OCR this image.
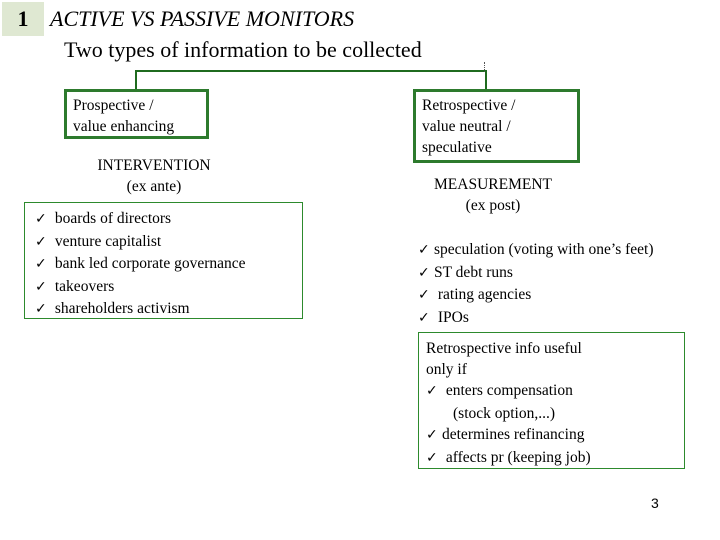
1 ACTIVE VS PASSIVE MONITORS
Two types of information to be collected
Prospective /
value enhancing
INTERVENTION
(ex ante)
✓ boards of directors
✓ venture capitalist
✓ bank led corporate governance
✓ takeovers
✓ shareholders activism
Retrospective /
value neutral /
speculative
MEASUREMENT
(ex post)
✓ speculation (voting with one’s feet)
✓ ST debt runs
✓ rating agencies
✓ IPOs
Retrospective info useful
only if
✓ enters compensation
(stock option,...)
✓ determines refinancing
✓ affects pr (keeping job)
3
